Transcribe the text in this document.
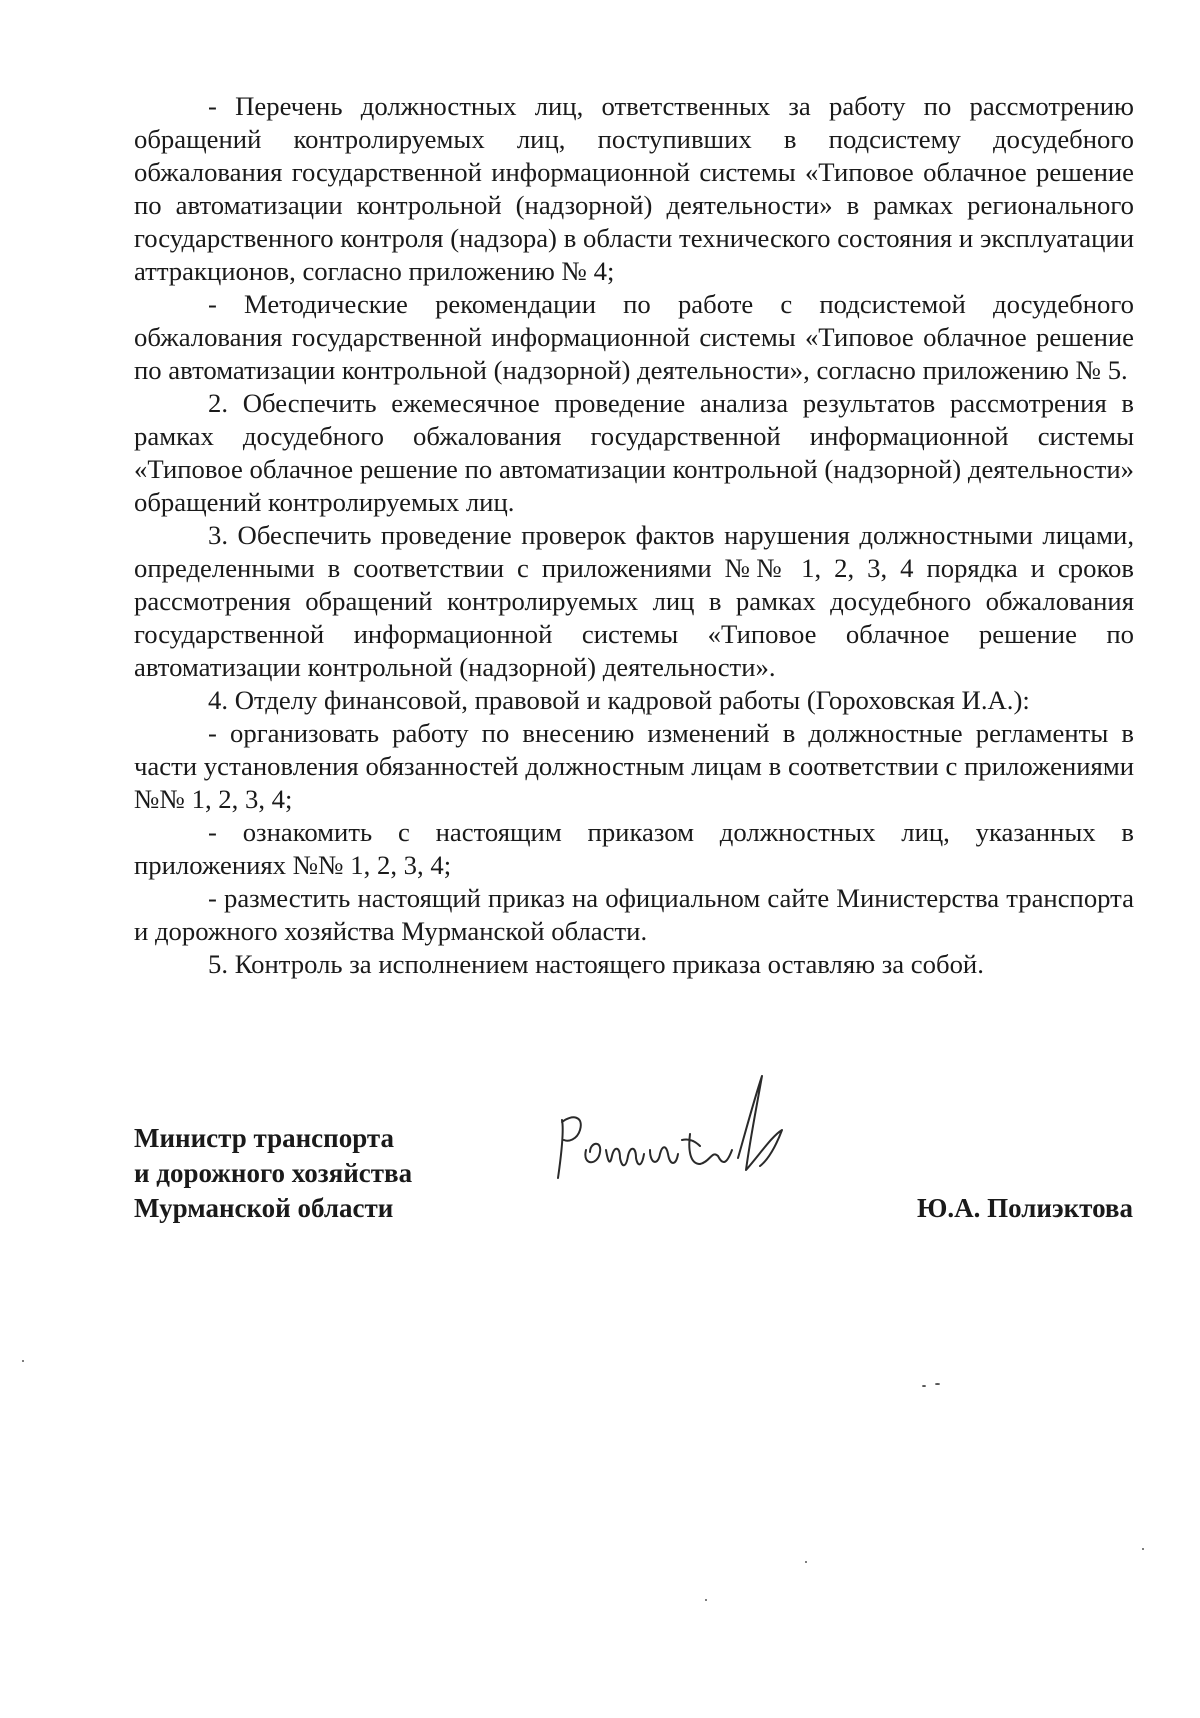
- Перечень должностных лиц, ответственных за работу по рассмотрению обращений контролируемых лиц, поступивших в подсистему досудебного обжалования государственной информационной системы «Типовое облачное решение по автоматизации контрольной (надзорной) деятельности» в рамках регионального государственного контроля (надзора) в области технического состояния и эксплуатации аттракционов, согласно приложению № 4;

- Методические рекомендации по работе с подсистемой досудебного обжалования государственной информационной системы «Типовое облачное решение по автоматизации контрольной (надзорной) деятельности», согласно приложению № 5.

2. Обеспечить ежемесячное проведение анализа результатов рассмотрения в рамках досудебного обжалования государственной информационной системы «Типовое облачное решение по автоматизации контрольной (надзорной) деятельности» обращений контролируемых лиц.

3. Обеспечить проведение проверок фактов нарушения должностными лицами, определенными в соответствии с приложениями №№ 1, 2, 3, 4 порядка и сроков рассмотрения обращений контролируемых лиц в рамках досудебного обжалования государственной информационной системы «Типовое облачное решение по автоматизации контрольной (надзорной) деятельности».

4. Отделу финансовой, правовой и кадровой работы (Гороховская И.А.):

- организовать работу по внесению изменений в должностные регламенты в части установления обязанностей должностным лицам в соответствии с приложениями №№ 1, 2, 3, 4;

- ознакомить с настоящим приказом должностных лиц, указанных в приложениях №№ 1, 2, 3, 4;

- разместить настоящий приказ на официальном сайте Министерства транспорта и дорожного хозяйства Мурманской области.

5. Контроль за исполнением настоящего приказа оставляю за собой.

Министр транспорта
и дорожного хозяйства
Мурманской области	Ю.А. Полиэктова
